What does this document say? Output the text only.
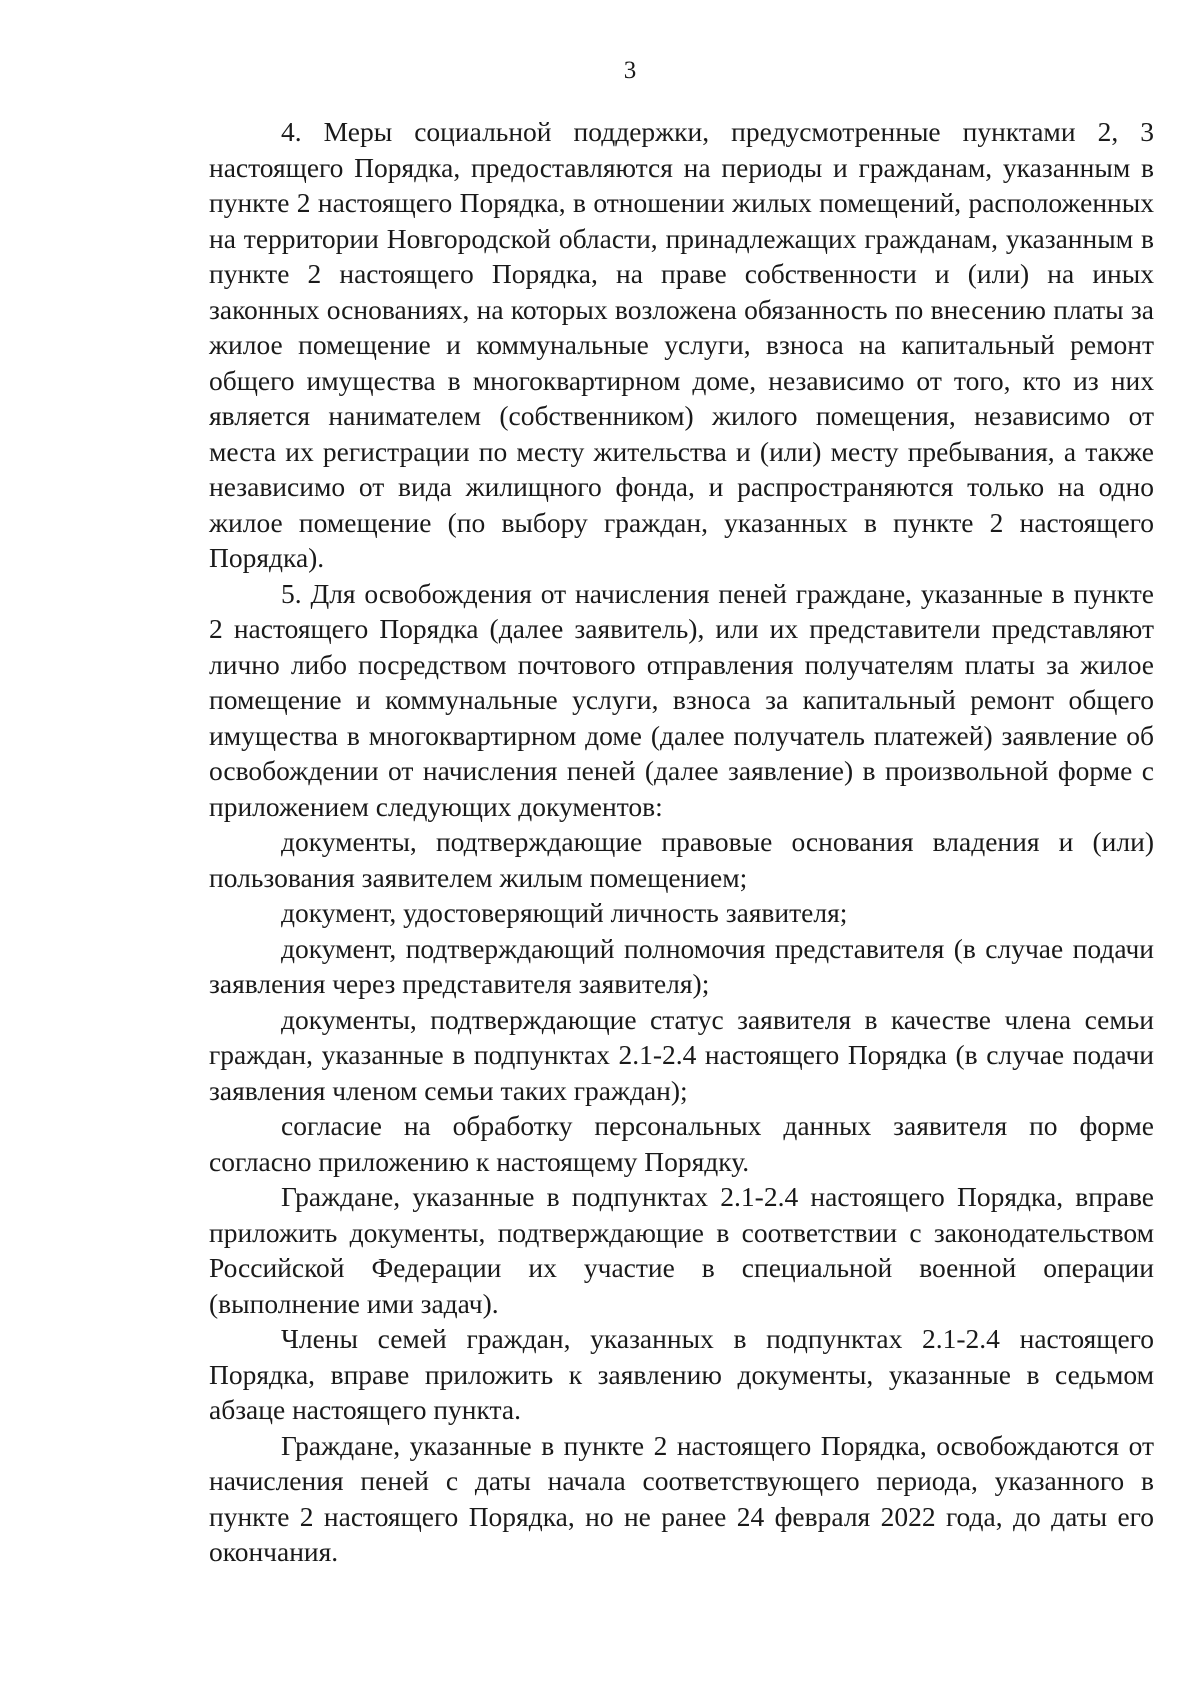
3

4. Меры социальной поддержки, предусмотренные пунктами 2, 3 настоящего Порядка, предоставляются на периоды и гражданам, указанным в пункте 2 настоящего Порядка, в отношении жилых помещений, расположенных на территории Новгородской области, принадлежащих гражданам, указанным в пункте 2 настоящего Порядка, на праве собственности и (или) на иных законных основаниях, на которых возложена обязанность по внесению платы за жилое помещение и коммунальные услуги, взноса на капитальный ремонт общего имущества в многоквартирном доме, независимо от того, кто из них является нанимателем (собственником) жилого помещения, независимо от места их регистрации по месту жительства и (или) месту пребывания, а также независимо от вида жилищного фонда, и распространяются только на одно жилое помещение (по выбору граждан, указанных в пункте 2 настоящего Порядка).

5. Для освобождения от начисления пеней граждане, указанные в пункте 2 настоящего Порядка (далее заявитель), или их представители представляют лично либо посредством почтового отправления получателям платы за жилое помещение и коммунальные услуги, взноса за капитальный ремонт общего имущества в многоквартирном доме (далее получатель платежей) заявление об освобождении от начисления пеней (далее заявление) в произвольной форме с приложением следующих документов:

документы, подтверждающие правовые основания владения и (или) пользования заявителем жилым помещением;

документ, удостоверяющий личность заявителя;

документ, подтверждающий полномочия представителя (в случае подачи заявления через представителя заявителя);

документы, подтверждающие статус заявителя в качестве члена семьи граждан, указанные в подпунктах 2.1-2.4 настоящего Порядка (в случае подачи заявления членом семьи таких граждан);

согласие на обработку персональных данных заявителя по форме согласно приложению к настоящему Порядку.

Граждане, указанные в подпунктах 2.1-2.4 настоящего Порядка, вправе приложить документы, подтверждающие в соответствии с законодательством Российской Федерации их участие в специальной военной операции (выполнение ими задач).

Члены семей граждан, указанных в подпунктах 2.1-2.4 настоящего Порядка, вправе приложить к заявлению документы, указанные в седьмом абзаце настоящего пункта.

Граждане, указанные в пункте 2 настоящего Порядка, освобождаются от начисления пеней с даты начала соответствующего периода, указанного в пункте 2 настоящего Порядка, но не ранее 24 февраля 2022 года, до даты его окончания.
